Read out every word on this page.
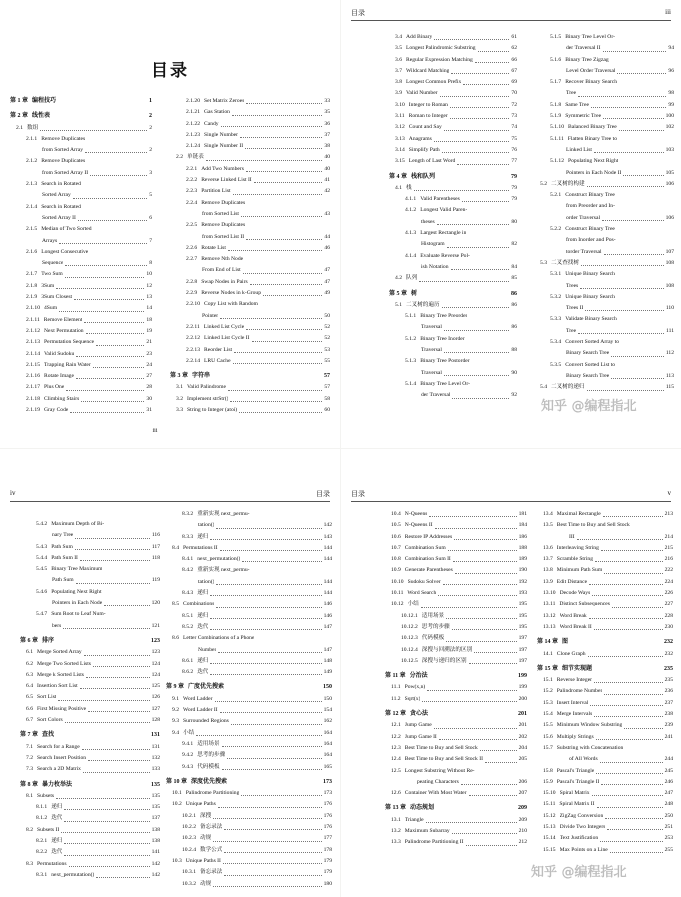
目录
第 1 章 编程技巧	1
第 2 章 线性表	2
2.1 数组	2
2.1.1 Remove Duplicates
from Sorted Array	2
2.1.2 Remove Duplicates
from Sorted Array II	3
2.1.3 Search in Rotated
Sorted Array	5
2.1.4 Search in Rotated
Sorted Array II	6
2.1.5 Median of Two Sorted
Arrays	7
2.1.6 Longest Consecutive
Sequence	8
2.1.7 Two Sum	10
2.1.8 3Sum	12
2.1.9 3Sum Closest	13
2.1.10 4Sum	14
2.1.11 Remove Element	18
2.1.12 Next Permutation	19
2.1.13 Permutation Sequence	21
2.1.14 Valid Sudoku	23
2.1.15 Trapping Rain Water	24
2.1.16 Rotate Image	27
2.1.17 Plus One	28
2.1.18 Climbing Stairs	30
2.1.19 Gray Code	31
2.1.20 Set Matrix Zeroes	33
2.1.21 Gas Station	35
2.1.22 Candy	36
2.1.23 Single Number	37
2.1.24 Single Number II	38
2.2 单链表	40
2.2.1 Add Two Numbers	40
2.2.2 Reverse Linked List II	41
2.2.3 Partition List	42
2.2.4 Remove Duplicates
from Sorted List	43
2.2.5 Remove Duplicates
from Sorted List II	44
2.2.6 Rotate List	46
2.2.7 Remove Nth Node
From End of List	47
2.2.8 Swap Nodes in Pairs	47
2.2.9 Reverse Nodes in k-Group	49
2.2.10 Copy List with Random
Pointer	50
2.2.11 Linked List Cycle	52
2.2.12 Linked List Cycle II	52
2.2.13 Reorder List	53
2.2.14 LRU Cache	55
第 3 章 字符串	57
3.1 Valid Palindrome	57
3.2 Implement strStr()	58
3.3 String to Integer (atoi)	60
iii
目录	iii
3.4 Add Binary	61
3.5 Longest Palindromic Substring	62
3.6 Regular Expression Matching	66
3.7 Wildcard Matching	67
3.8 Longest Common Prefix	69
3.9 Valid Number	70
3.10 Integer to Roman	72
3.11 Roman to Integer	73
3.12 Count and Say	74
3.13 Anagrams	75
3.14 Simplify Path	76
3.15 Length of Last Word	77
第 4 章 栈和队列	79
4.1 栈	79
4.1.1 Valid Parentheses	79
4.1.2 Longest Valid Paren-
theses	80
4.1.3 Largest Rectangle in
Histogram	82
4.1.4 Evaluate Reverse Pol-
ish Notation	84
4.2 队列	85
第 5 章 树	86
5.1 二叉树的遍历	86
5.1.1 Binary Tree Preorder
Traversal	86
5.1.2 Binary Tree Inorder
Traversal	88
5.1.3 Binary Tree Postorder
Traversal	90
5.1.4 Binary Tree Level Or-
der Traversal	92
5.1.5 Binary Tree Level Or-
der Traversal II	94
5.1.6 Binary Tree Zigzag
Level Order Traversal	96
5.1.7 Recover Binary Search
Tree	98
5.1.8 Same Tree	99
5.1.9 Symmetric Tree	100
5.1.10 Balanced Binary Tree	102
5.1.11 Flatten Binary Tree to
Linked List	103
5.1.12 Populating Next Right
Pointers in Each Node II	105
5.2 二叉树的构建	106
5.2.1 Construct Binary Tree
from Preorder and In-
order Traversal	106
5.2.2 Construct Binary Tree
from Inorder and Pos-
torder Traversal	107
5.3 二叉查找树	108
5.3.1 Unique Binary Search
Trees	108
5.3.2 Unique Binary Search
Trees II	110
5.3.3 Validate Binary Search
Tree	111
5.3.4 Convert Sorted Array to
Binary Search Tree	112
5.3.5 Convert Sorted List to
Binary Search Tree	113
5.4 二叉树的递归	115
知乎 @编程指北
iv	目录
5.4.2 Maximum Depth of Bi-
nary Tree	116
5.4.3 Path Sum	117
5.4.4 Path Sum II	118
5.4.5 Binary Tree Maximum
Path Sum	119
5.4.6 Populating Next Right
Pointers in Each Node	120
5.4.7 Sum Root to Leaf Num-
bers	121
第 6 章 排序	123
6.1 Merge Sorted Array	123
6.2 Merge Two Sorted Lists	124
6.3 Merge k Sorted Lists	124
6.4 Insertion Sort List	125
6.5 Sort List	126
6.6 First Missing Positive	127
6.7 Sort Colors	128
第 7 章 查找	131
7.1 Search for a Range	131
7.2 Search Insert Position	132
7.3 Search a 2D Matrix	133
第 8 章 暴力枚举法	135
8.1 Subsets	135
8.1.1 递归	135
8.1.2 迭代	137
8.2 Subsets II	138
8.2.1 递归	138
8.2.2 迭代	141
8.3 Permutations	142
8.3.1 next_permutation()	142
8.3.2 重新实现 next_permu-
tation()	142
8.3.3 递归	143
8.4 Permutations II	144
8.4.1 next_permutation()	144
8.4.2 重新实现 next_permu-
tation()	144
8.4.3 递归	144
8.5 Combinations	146
8.5.1 递归	146
8.5.2 迭代	147
8.6 Letter Combinations of a Phone
Number	147
8.6.1 递归	148
8.6.2 迭代	149
第 9 章 广度优先搜索	150
9.1 Word Ladder	150
9.2 Word Ladder II	154
9.3 Surrounded Regions	162
9.4 小结	164
9.4.1 适用场景	164
9.4.2 思考的步骤	164
9.4.3 代码模板	165
第 10 章 深度优先搜索	173
10.1 Palindrome Partitioning	173
10.2 Unique Paths	176
10.2.1 深搜	176
10.2.2 备忘录法	176
10.2.3 动规	177
10.2.4 数学公式	178
10.3 Unique Paths II	179
10.3.1 备忘录法	179
10.3.2 动规	180
目录	v
10.4 N-Queens	181
10.5 N-Queens II	184
10.6 Restore IP Addresses	186
10.7 Combination Sum	188
10.8 Combination Sum II	189
10.9 Generate Parentheses	190
10.10 Sudoku Solver	192
10.11 Word Search	193
10.12 小结	195
10.12.1 适用场景	195
10.12.2 思考的步骤	195
10.12.3 代码模板	197
10.12.4 深搜与回溯法的区别	197
10.12.5 深搜与递归的区别	197
第 11 章 分治法	199
11.1 Pow(x,n)	199
11.2 Sqrt(x)	200
第 12 章 贪心法	201
12.1 Jump Game	201
12.2 Jump Game II	202
12.3 Best Time to Buy and Sell Stock	204
12.4 Best Time to Buy and Sell Stock II	205
12.5 Longest Substring Without Re-
peating Characters	206
12.6 Container With Most Water	207
第 13 章 动态规划	209
13.1 Triangle	209
13.2 Maximum Subarray	210
13.3 Palindrome Partitioning II	212
13.4 Maximal Rectangle	213
13.5 Best Time to Buy and Sell Stock
III	214
13.6 Interleaving String	215
13.7 Scramble String	216
13.8 Minimum Path Sum	222
13.9 Edit Distance	224
13.10 Decode Ways	226
13.11 Distinct Subsequences	227
13.12 Word Break	228
13.13 Word Break II	230
第 14 章 图	232
14.1 Clone Graph	232
第 15 章 细节实现题	235
15.1 Reverse Integer	235
15.2 Palindrome Number	236
15.3 Insert Interval	237
15.4 Merge Intervals	238
15.5 Minimum Window Substring	239
15.6 Multiply Strings	241
15.7 Substring with Concatenation
of All Words	244
15.8 Pascal's Triangle	245
15.9 Pascal's Triangle II	246
15.10 Spiral Matrix	247
15.11 Spiral Matrix II	248
15.12 ZigZag Conversion	250
15.13 Divide Two Integers	251
15.14 Text Justification	253
15.15 Max Points on a Line	255
知乎 @编程指北
